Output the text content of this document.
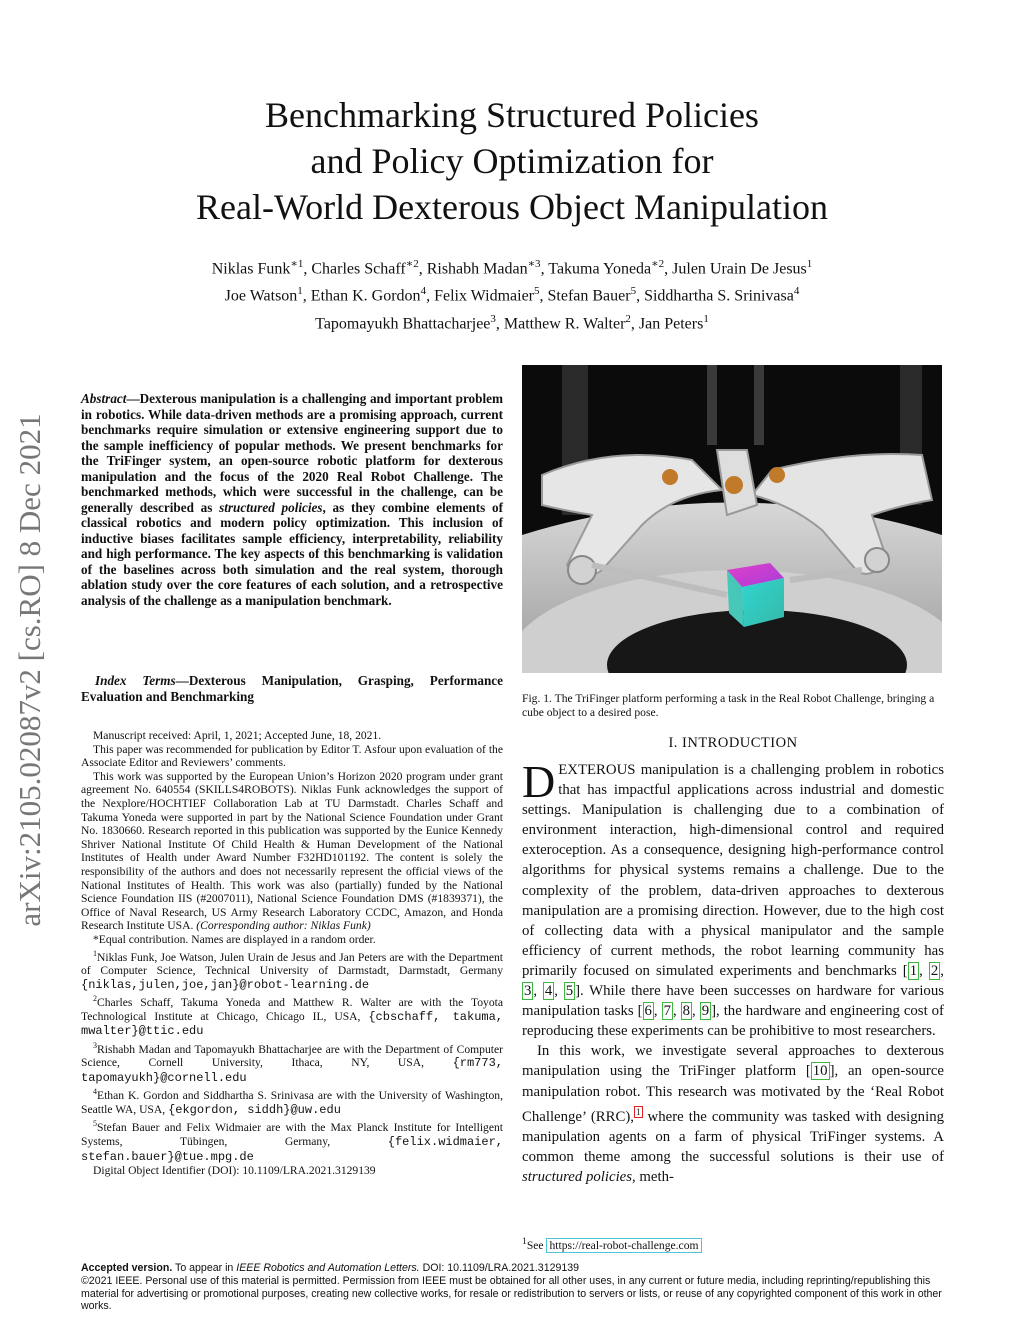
Benchmarking Structured Policies
and Policy Optimization for
Real-World Dexterous Object Manipulation
Niklas Funk$^{∗1}$, Charles Schaff$^{∗2}$, Rishabh Madan$^{∗3}$, Takuma Yoneda$^{∗2}$, Julen Urain De Jesus$^1$
Joe Watson$^1$, Ethan K. Gordon$^4$, Felix Widmaier$^5$, Stefan Bauer$^5$, Siddhartha S. Srinivasa$^4$
Tapomayukh Bhattacharjee$^3$, Matthew R. Walter$^2$, Jan Peters$^1$
arXiv:2105.02087v2 [cs.RO] 8 Dec 2021
Abstract—Dexterous manipulation is a challenging and important problem in robotics. While data-driven methods are a promising approach, current benchmarks require simulation or extensive engineering support due to the sample inefficiency of popular methods. We present benchmarks for the TriFinger system, an open-source robotic platform for dexterous manipulation and the focus of the 2020 Real Robot Challenge. The benchmarked methods, which were successful in the challenge, can be generally described as structured policies, as they combine elements of classical robotics and modern policy optimization. This inclusion of inductive biases facilitates sample efficiency, interpretability, reliability and high performance. The key aspects of this benchmarking is validation of the baselines across both simulation and the real system, thorough ablation study over the core features of each solution, and a retrospective analysis of the challenge as a manipulation benchmark.
Index Terms—Dexterous Manipulation, Grasping, Performance Evaluation and Benchmarking

Manuscript received: April, 1, 2021; Accepted June, 18, 2021.

This paper was recommended for publication by Editor T. Asfour upon evaluation of the Associate Editor and Reviewers’ comments.

This work was supported by the European Union’s Horizon 2020 program under grant agreement No. 640554 (SKILLS4ROBOTS). Niklas Funk acknowledges the support of the Nexplore/HOCHTIEF Collaboration Lab at TU Darmstadt. Charles Schaff and Takuma Yoneda were supported in part by the National Science Foundation under Grant No. 1830660. Research reported in this publication was supported by the Eunice Kennedy Shriver National Institute Of Child Health & Human Development of the National Institutes of Health under Award Number F32HD101192. The content is solely the responsibility of the authors and does not necessarily represent the official views of the National Institutes of Health. This work was also (partially) funded by the National Science Foundation IIS (#2007011), National Science Foundation DMS (#1839371), the Office of Naval Research, US Army Research Laboratory CCDC, Amazon, and Honda Research Institute USA. (Corresponding author: Niklas Funk)

*Equal contribution. Names are displayed in a random order.

$^1$Niklas Funk, Joe Watson, Julen Urain de Jesus and Jan Peters are with the Department of Computer Science, Technical University of Darmstadt, Darmstadt, Germany {niklas,julen,joe,jan}@robot-learning.de

$^2$Charles Schaff, Takuma Yoneda and Matthew R. Walter are with the Toyota Technological Institute at Chicago, Chicago IL, USA, {cbschaff, takuma, mwalter}@ttic.edu

$^3$Rishabh Madan and Tapomayukh Bhattacharjee are with the Department of Computer Science, Cornell University, Ithaca, NY, USA, {rm773, tapomayukh}@cornell.edu

$^4$Ethan K. Gordon and Siddhartha S. Srinivasa are with the University of Washington, Seattle WA, USA, {ekgordon, siddh}@uw.edu

$^5$Stefan Bauer and Felix Widmaier are with the Max Planck Institute for Intelligent Systems, Tübingen, Germany, {felix.widmaier, stefan.bauer}@tue.mpg.de

Digital Object Identifier (DOI): 10.1109/LRA.2021.3129139

Fig. 1. The TriFinger platform performing a task in the Real Robot Challenge, bringing a cube object to a desired pose.
I. INTRODUCTION

DEXTEROUS manipulation is a challenging problem in robotics that has impactful applications across industrial and domestic settings. Manipulation is challenging due to a combination of environment interaction, high-dimensional control and required exteroception. As a consequence, designing high-performance control algorithms for physical systems remains a challenge. Due to the complexity of the problem, data-driven approaches to dexterous manipulation are a promising direction. However, due to the high cost of collecting data with a physical manipulator and the sample efficiency of current methods, the robot learning community has primarily focused on simulated experiments and benchmarks [ 1 , 2 , 3 , 4 , 5 ]. While there have been successes on hardware for various manipulation tasks [ 6 , 7 , 8 , 9 ], the hardware and engineering cost of reproducing these experiments can be prohibitive to most researchers.

In this work, we investigate several approaches to dexterous manipulation using the TriFinger platform [ 10 ], an open-source manipulation robot. This research was motivated by the ‘Real Robot Challenge’ (RRC), $^1$ where the community was tasked with designing manipulation agents on a farm of physical TriFinger systems. A common theme among the successful solutions is their use of structured policies, meth-

$^1$See https://real-robot-challenge.com

Accepted version. To appear in IEEE Robotics and Automation Letters. DOI: 10.1109/LRA.2021.3129139

©2021 IEEE. Personal use of this material is permitted. Permission from IEEE must be obtained for all other uses, in any current or future media, including reprinting/republishing this material for advertising or promotional purposes, creating new collective works, for resale or redistribution to servers or lists, or reuse of any copyrighted component of this work in other works.
